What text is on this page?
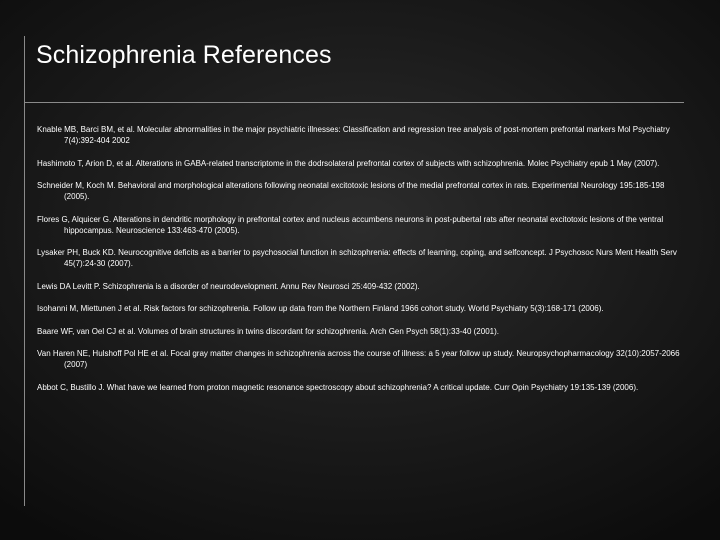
Schizophrenia References
Knable MB, Barci BM, et al. Molecular abnormalities in the major psychiatric illnesses: Classification and regression tree analysis of post-mortem prefrontal markers Mol Psychiatry 7(4):392-404 2002
Hashimoto T, Arion D, et al. Alterations in GABA-related transcriptome in the dodrsolateral prefrontal cortex of subjects with schizophrenia. Molec Psychiatry epub 1 May (2007).
Schneider M, Koch M. Behavioral and morphological alterations following neonatal excitotoxic lesions of the medial prefrontal cortex in rats. Experimental Neurology 195:185-198 (2005).
Flores G, Alquicer G. Alterations in dendritic morphology in prefrontal cortex and nucleus accumbens neurons in post-pubertal rats after neonatal excitotoxic lesions of the ventral hippocampus. Neuroscience 133:463-470 (2005).
Lysaker PH, Buck KD. Neurocognitive deficits as a barrier to psychosocial function in schizophrenia: effects of learning, coping, and selfconcept. J Psychosoc Nurs Ment Health Serv 45(7):24-30 (2007).
Lewis DA Levitt P. Schizophrenia is a disorder of neurodevelopment. Annu Rev Neurosci 25:409-432 (2002).
Isohanni M, Miettunen J et al. Risk factors for schizophrenia. Follow up data from the Northern Finland 1966 cohort study. World Psychiatry 5(3):168-171 (2006).
Baare WF, van Oel CJ et al. Volumes of brain structures in twins discordant for schizophrenia. Arch Gen Psych 58(1):33-40 (2001).
Van Haren NE, Hulshoff Pol HE et al. Focal gray matter changes in schizophrenia across the course of illness: a 5 year follow up study. Neuropsychopharmacology 32(10):2057-2066 (2007)
Abbot C, Bustillo J. What have we learned from proton magnetic resonance spectroscopy about schizophrenia? A critical update. Curr Opin Psychiatry 19:135-139 (2006).
